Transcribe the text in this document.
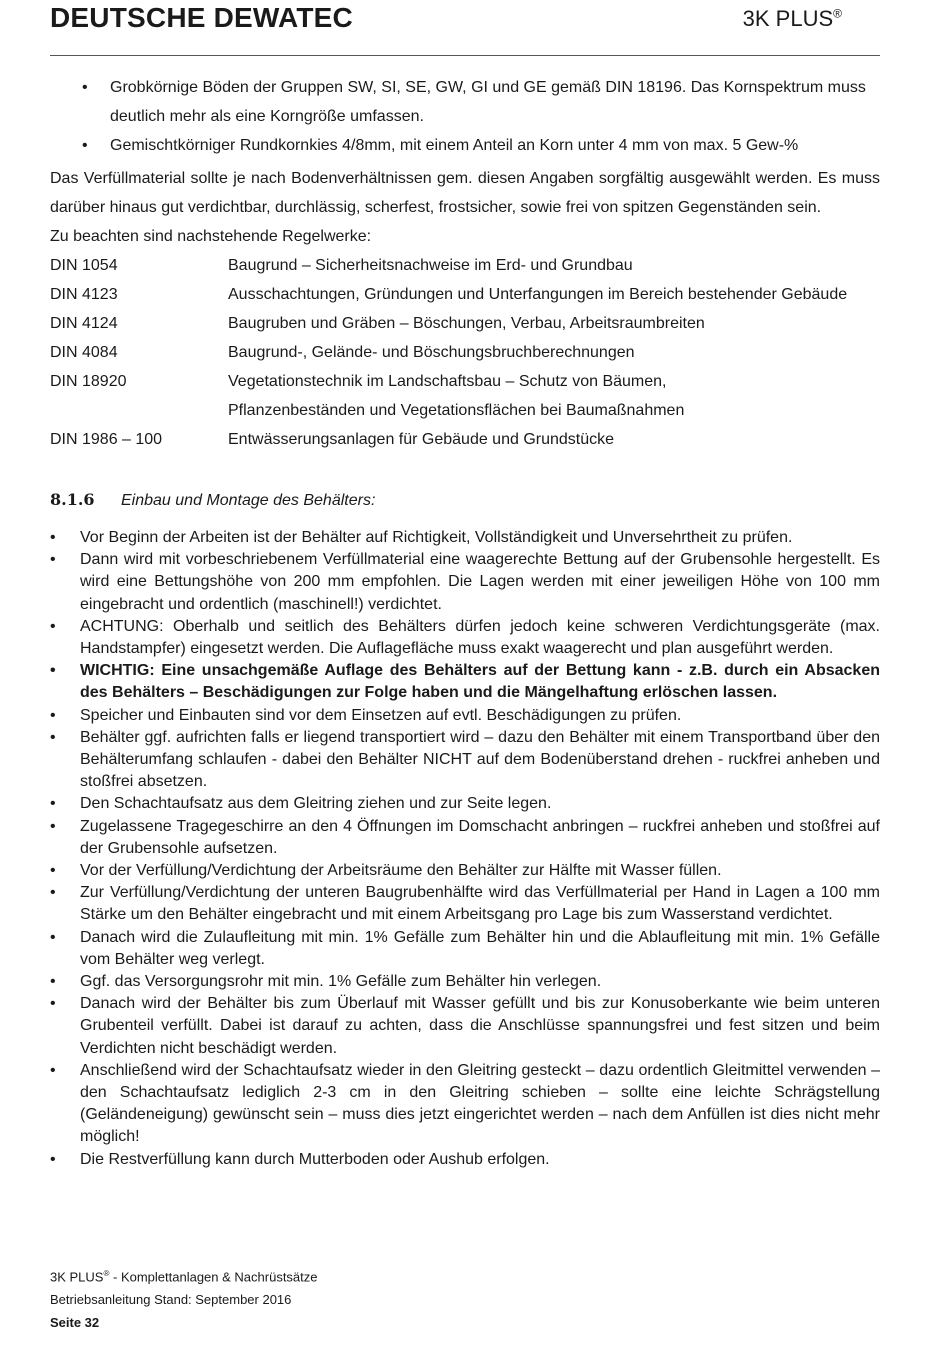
DEUTSCHE DEWATEC	3K PLUS®
• Grobkörnige Böden der Gruppen SW, SI, SE, GW, GI und GE gemäß DIN 18196. Das Kornspektrum muss deutlich mehr als eine Korngröße umfassen.
• Gemischtkörniger Rundkornkies 4/8mm, mit einem Anteil an Korn unter 4 mm von max. 5 Gew-%

Das Verfüllmaterial sollte je nach Bodenverhältnissen gem. diesen Angaben sorgfältig ausgewählt werden. Es muss darüber hinaus gut verdichtbar, durchlässig, scherfest, frostsicher, sowie frei von spitzen Gegenständen sein.

Zu beachten sind nachstehende Regelwerke:

DIN 1054	Baugrund – Sicherheitsnachweise im Erd- und Grundbau
DIN 4123	Ausschachtungen, Gründungen und Unterfangungen im Bereich bestehender Gebäude
DIN 4124	Baugruben und Gräben – Böschungen, Verbau, Arbeitsraumbreiten
DIN 4084	Baugrund-, Gelände- und Böschungsbruchberechnungen
DIN 18920	Vegetationstechnik im Landschaftsbau – Schutz von Bäumen, Pflanzenbeständen und Vegetationsflächen bei Baumaßnahmen
DIN 1986 – 100	Entwässerungsanlagen für Gebäude und Grundstücke
8.1.6 Einbau und Montage des Behälters:
• Vor Beginn der Arbeiten ist der Behälter auf Richtigkeit, Vollständigkeit und Unversehrtheit zu prüfen.
• Dann wird mit vorbeschriebenem Verfüllmaterial eine waagerechte Bettung auf der Grubensohle hergestellt. Es wird eine Bettungshöhe von 200 mm empfohlen. Die Lagen werden mit einer jeweiligen Höhe von 100 mm eingebracht und ordentlich (maschinell!) verdichtet.
• ACHTUNG: Oberhalb und seitlich des Behälters dürfen jedoch keine schweren Verdichtungsgeräte (max. Handstampfer) eingesetzt werden. Die Auflagefläche muss exakt waagerecht und plan ausgeführt werden.
• WICHTIG: Eine unsachgemäße Auflage des Behälters auf der Bettung kann - z.B. durch ein Absacken des Behälters – Beschädigungen zur Folge haben und die Mängelhaftung erlöschen lassen.
• Speicher und Einbauten sind vor dem Einsetzen auf evtl. Beschädigungen zu prüfen.
• Behälter ggf. aufrichten falls er liegend transportiert wird – dazu den Behälter mit einem Transportband über den Behälterumfang schlaufen - dabei den Behälter NICHT auf dem Bodenüberstand drehen - ruckfrei anheben und stoßfrei absetzen.
• Den Schachtaufsatz aus dem Gleitring ziehen und zur Seite legen.
• Zugelassene Tragegeschirre an den 4 Öffnungen im Domschacht anbringen – ruckfrei anheben und stoßfrei auf der Grubensohle aufsetzen.
• Vor der Verfüllung/Verdichtung der Arbeitsräume den Behälter zur Hälfte mit Wasser füllen.
• Zur Verfüllung/Verdichtung der unteren Baugrubenhälfte wird das Verfüllmaterial per Hand in Lagen a 100 mm Stärke um den Behälter eingebracht und mit einem Arbeitsgang pro Lage bis zum Wasserstand verdichtet.
• Danach wird die Zulaufleitung mit min. 1% Gefälle zum Behälter hin und die Ablaufleitung mit min. 1% Gefälle vom Behälter weg verlegt.
• Ggf. das Versorgungsrohr mit min. 1% Gefälle zum Behälter hin verlegen.
• Danach wird der Behälter bis zum Überlauf mit Wasser gefüllt und bis zur Konusoberkante wie beim unteren Grubenteil verfüllt. Dabei ist darauf zu achten, dass die Anschlüsse spannungsfrei und fest sitzen und beim Verdichten nicht beschädigt werden.
• Anschließend wird der Schachtaufsatz wieder in den Gleitring gesteckt – dazu ordentlich Gleitmittel verwenden – den Schachtaufsatz lediglich 2-3 cm in den Gleitring schieben – sollte eine leichte Schrägstellung (Geländeneigung) gewünscht sein – muss dies jetzt eingerichtet werden – nach dem Anfüllen ist dies nicht mehr möglich!
• Die Restverfüllung kann durch Mutterboden oder Aushub erfolgen.
3K PLUS® - Komplettanlagen & Nachrüstsätze
Betriebsanleitung Stand: September 2016
Seite 32
